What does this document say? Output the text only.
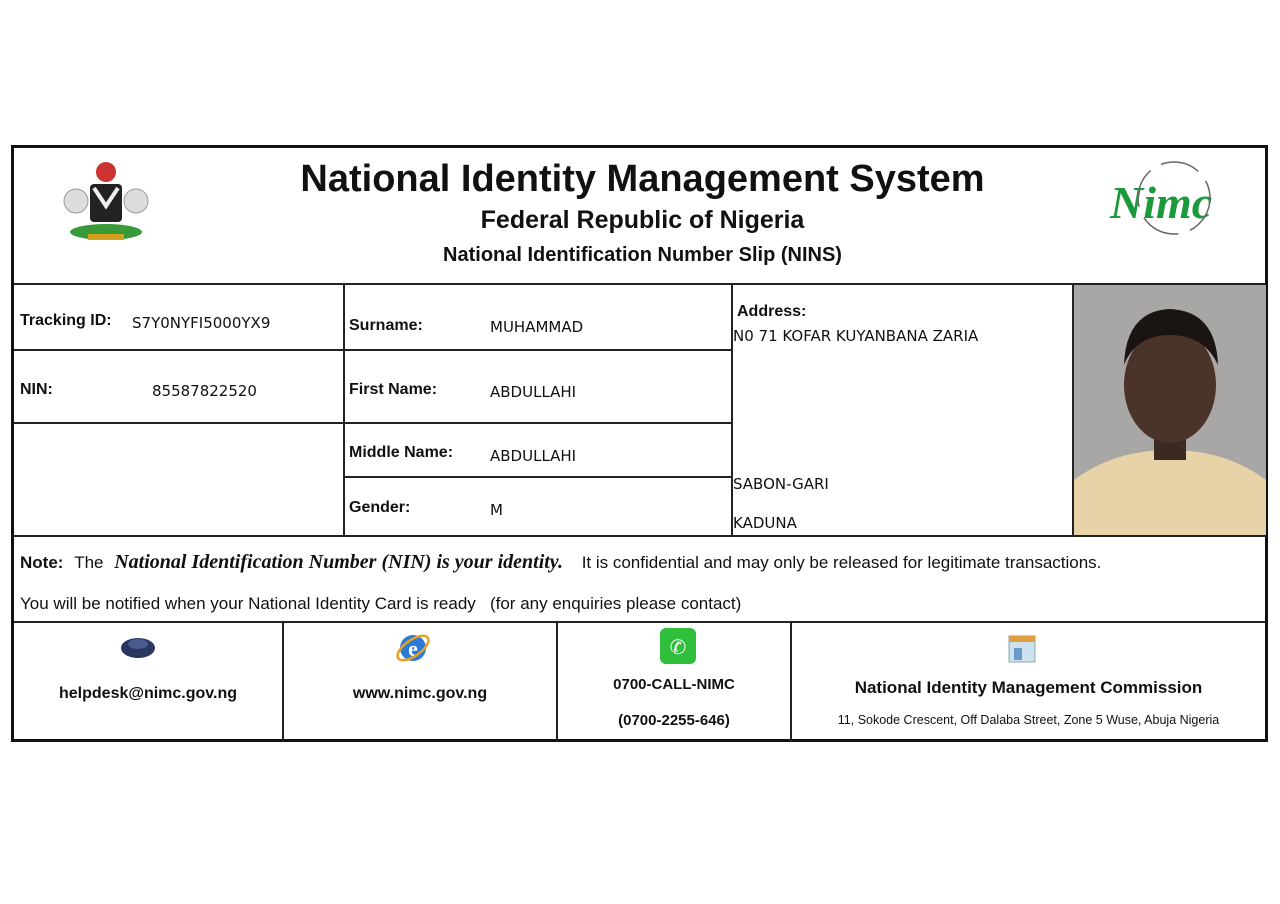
National Identity Management System
Federal Republic of Nigeria
National Identification Number Slip (NINS)
Nimc
Tracking ID: S7Y0NYFI5000YX9
NIN:	85587822520
Surname:	MUHAMMAD
First Name:	ABDULLAHI
Middle Name: ABDULLAHI
Gender:	M
Address:
N0 71 KOFAR KUYANBANA ZARIA
SABON-GARI
KADUNA
Note: The National Identification Number (NIN) is your identity. It is confidential and may only be released for legitimate transactions.
You will be notified when your National Identity Card is ready   (for any enquiries please contact)
helpdesk@nimc.gov.ng
e
www.nimc.gov.ng
✆
0700-CALL-NIMC
(0700-2255-646)
National Identity Management Commission
11, Sokode Crescent, Off Dalaba Street, Zone 5 Wuse, Abuja Nigeria
